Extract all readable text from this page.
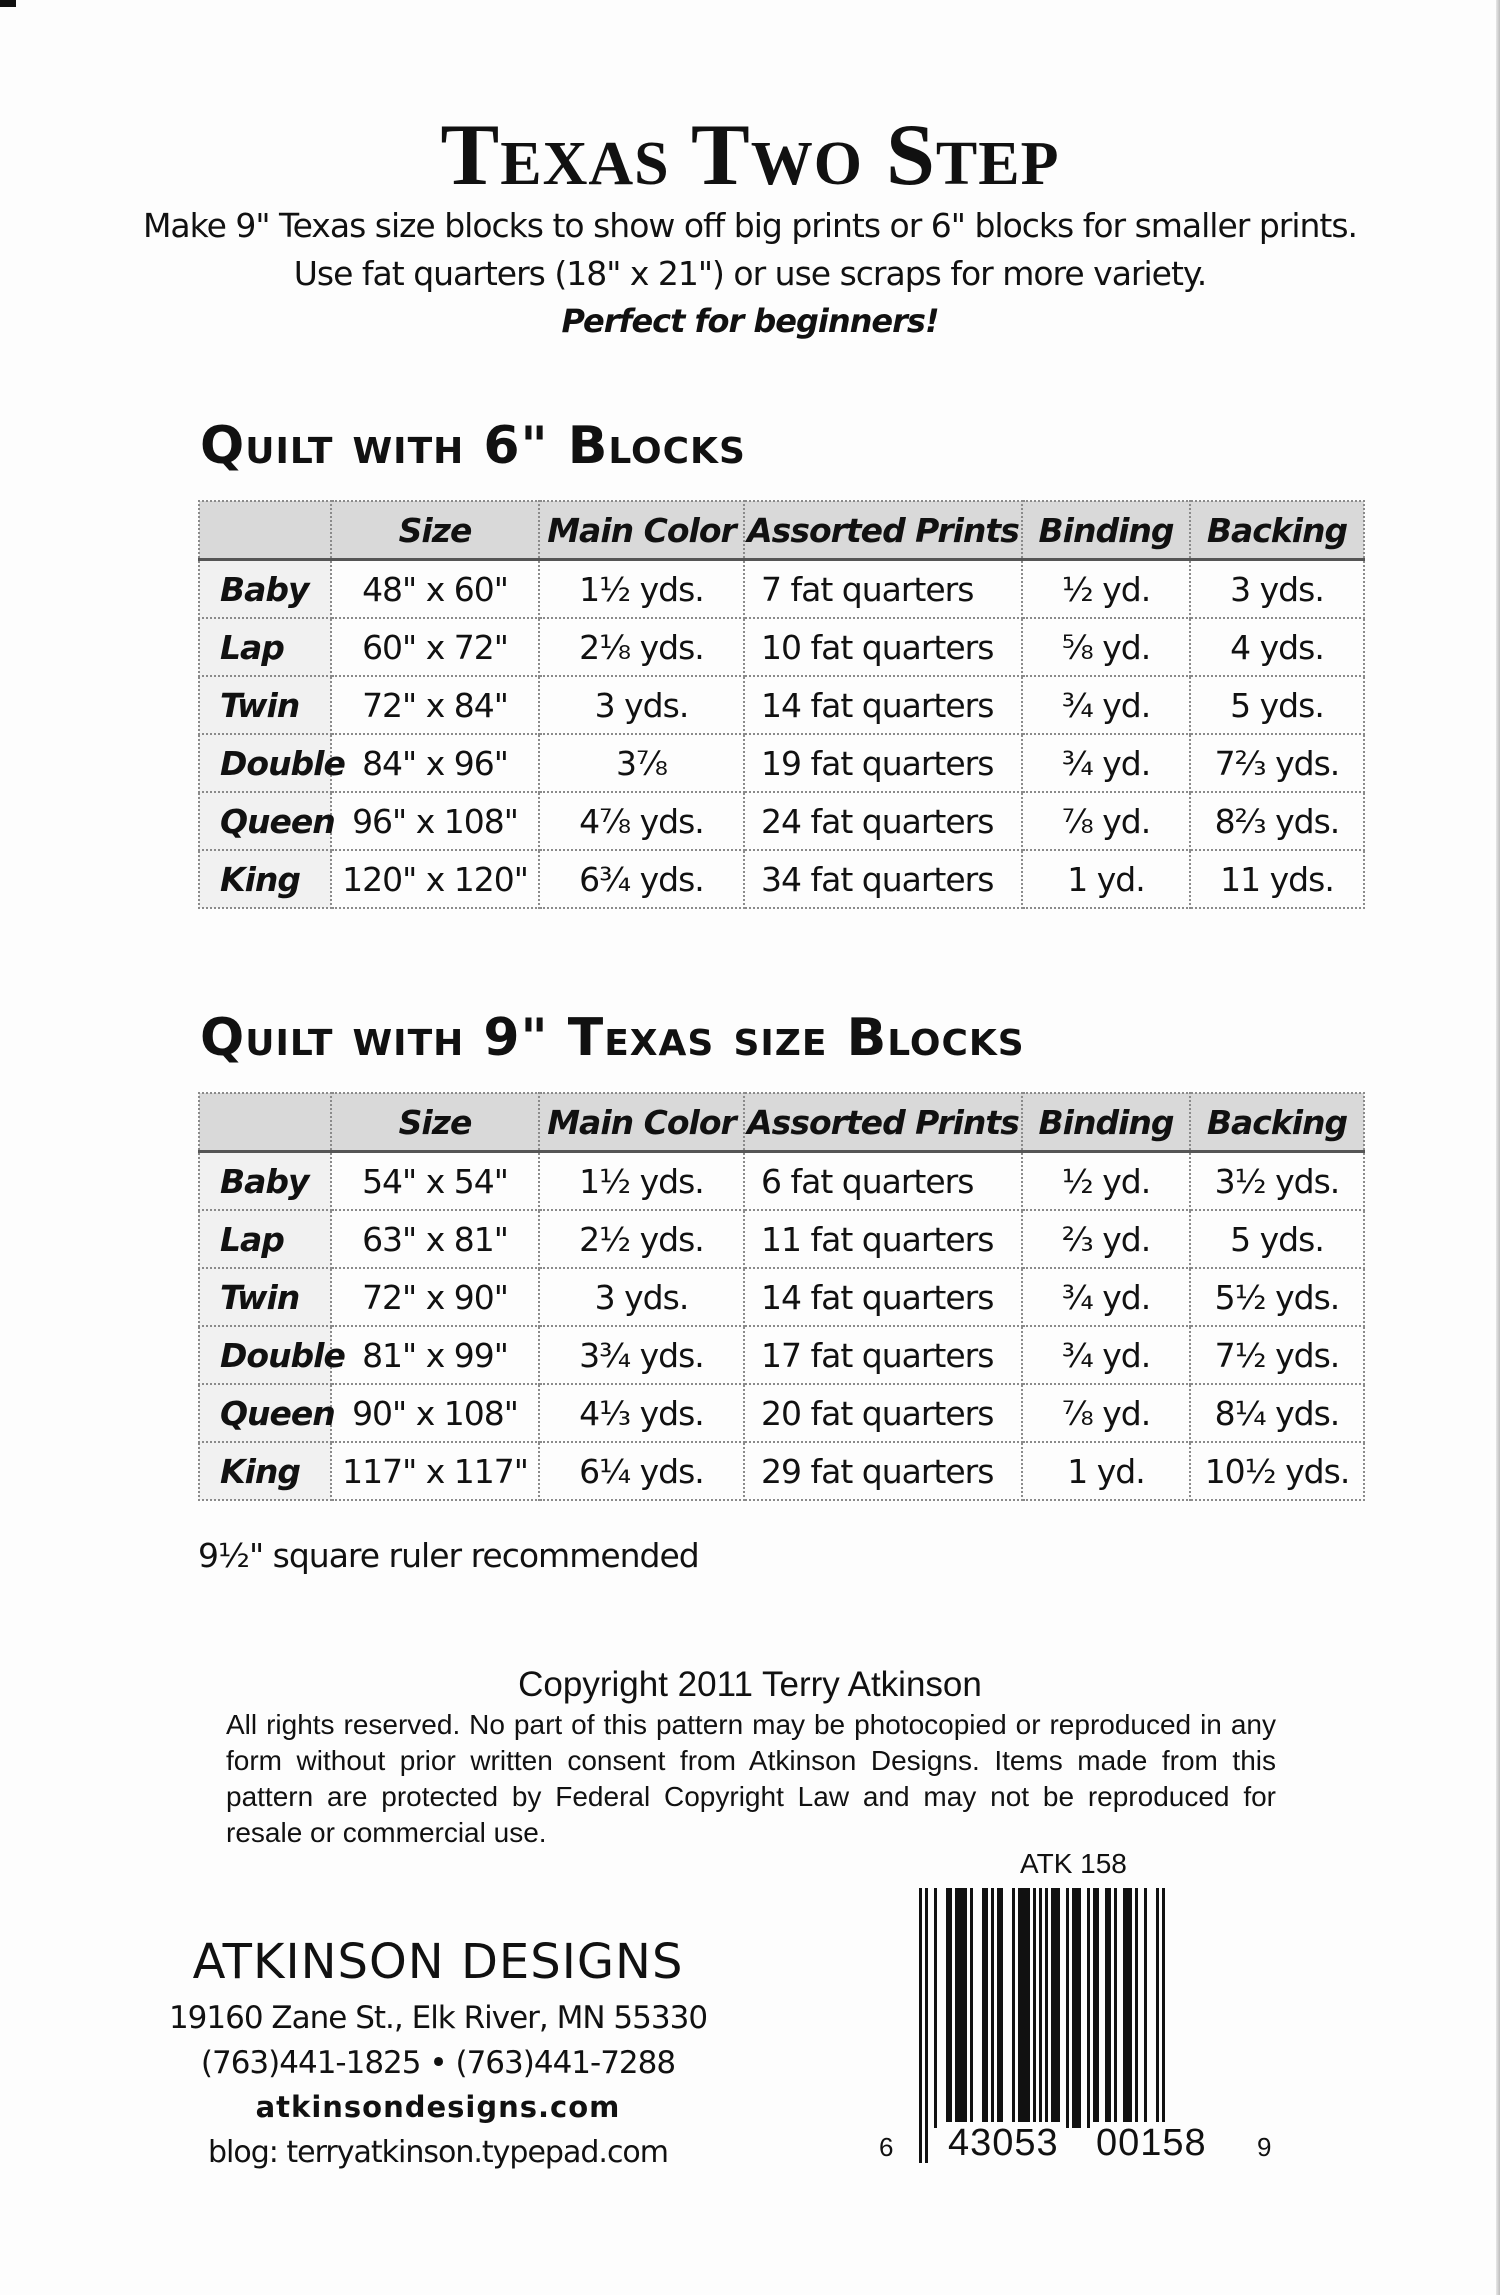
Texas Two Step
Make 9" Texas size blocks to show off big prints or 6" blocks for smaller prints.
Use fat quarters (18" x 21") or use scraps for more variety.
Perfect for beginners!
Quilt with 6" Blocks
	Size	Main Color	Assorted Prints	Binding	Backing
Baby	48" x 60"	1½ yds.	7 fat quarters	½ yd.	3 yds.
Lap	60" x 72"	2⅛ yds.	10 fat quarters	⅝ yd.	4 yds.
Twin	72" x 84"	3 yds.	14 fat quarters	¾ yd.	5 yds.
Double	84" x 96"	3⅞	19 fat quarters	¾ yd.	7⅔ yds.
Queen	96" x 108"	4⅞ yds.	24 fat quarters	⅞ yd.	8⅔ yds.
King	120" x 120"	6¾ yds.	34 fat quarters	1 yd.	11 yds.
Quilt with 9" Texas size Blocks
	Size	Main Color	Assorted Prints	Binding	Backing
Baby	54" x 54"	1½ yds.	6 fat quarters	½ yd.	3½ yds.
Lap	63" x 81"	2½ yds.	11 fat quarters	⅔ yd.	5 yds.
Twin	72" x 90"	3 yds.	14 fat quarters	¾ yd.	5½ yds.
Double	81" x 99"	3¾ yds.	17 fat quarters	¾ yd.	7½ yds.
Queen	90" x 108"	4⅓ yds.	20 fat quarters	⅞ yd.	8¼ yds.
King	117" x 117"	6¼ yds.	29 fat quarters	1 yd.	10½ yds.
9½" square ruler recommended
Copyright 2011 Terry Atkinson
All rights reserved. No part of this pattern may be photocopied or reproduced in any form without prior written consent from Atkinson Designs. Items made from this pattern are protected by Federal Copyright Law and may not be reproduced for resale or commercial use.
ATK 158
6 43053 00158 9
ATKINSON DESIGNS
19160 Zane St., Elk River, MN 55330
(763)441-1825 • (763)441-7288
atkinsondesigns.com
blog: terryatkinson.typepad.com
